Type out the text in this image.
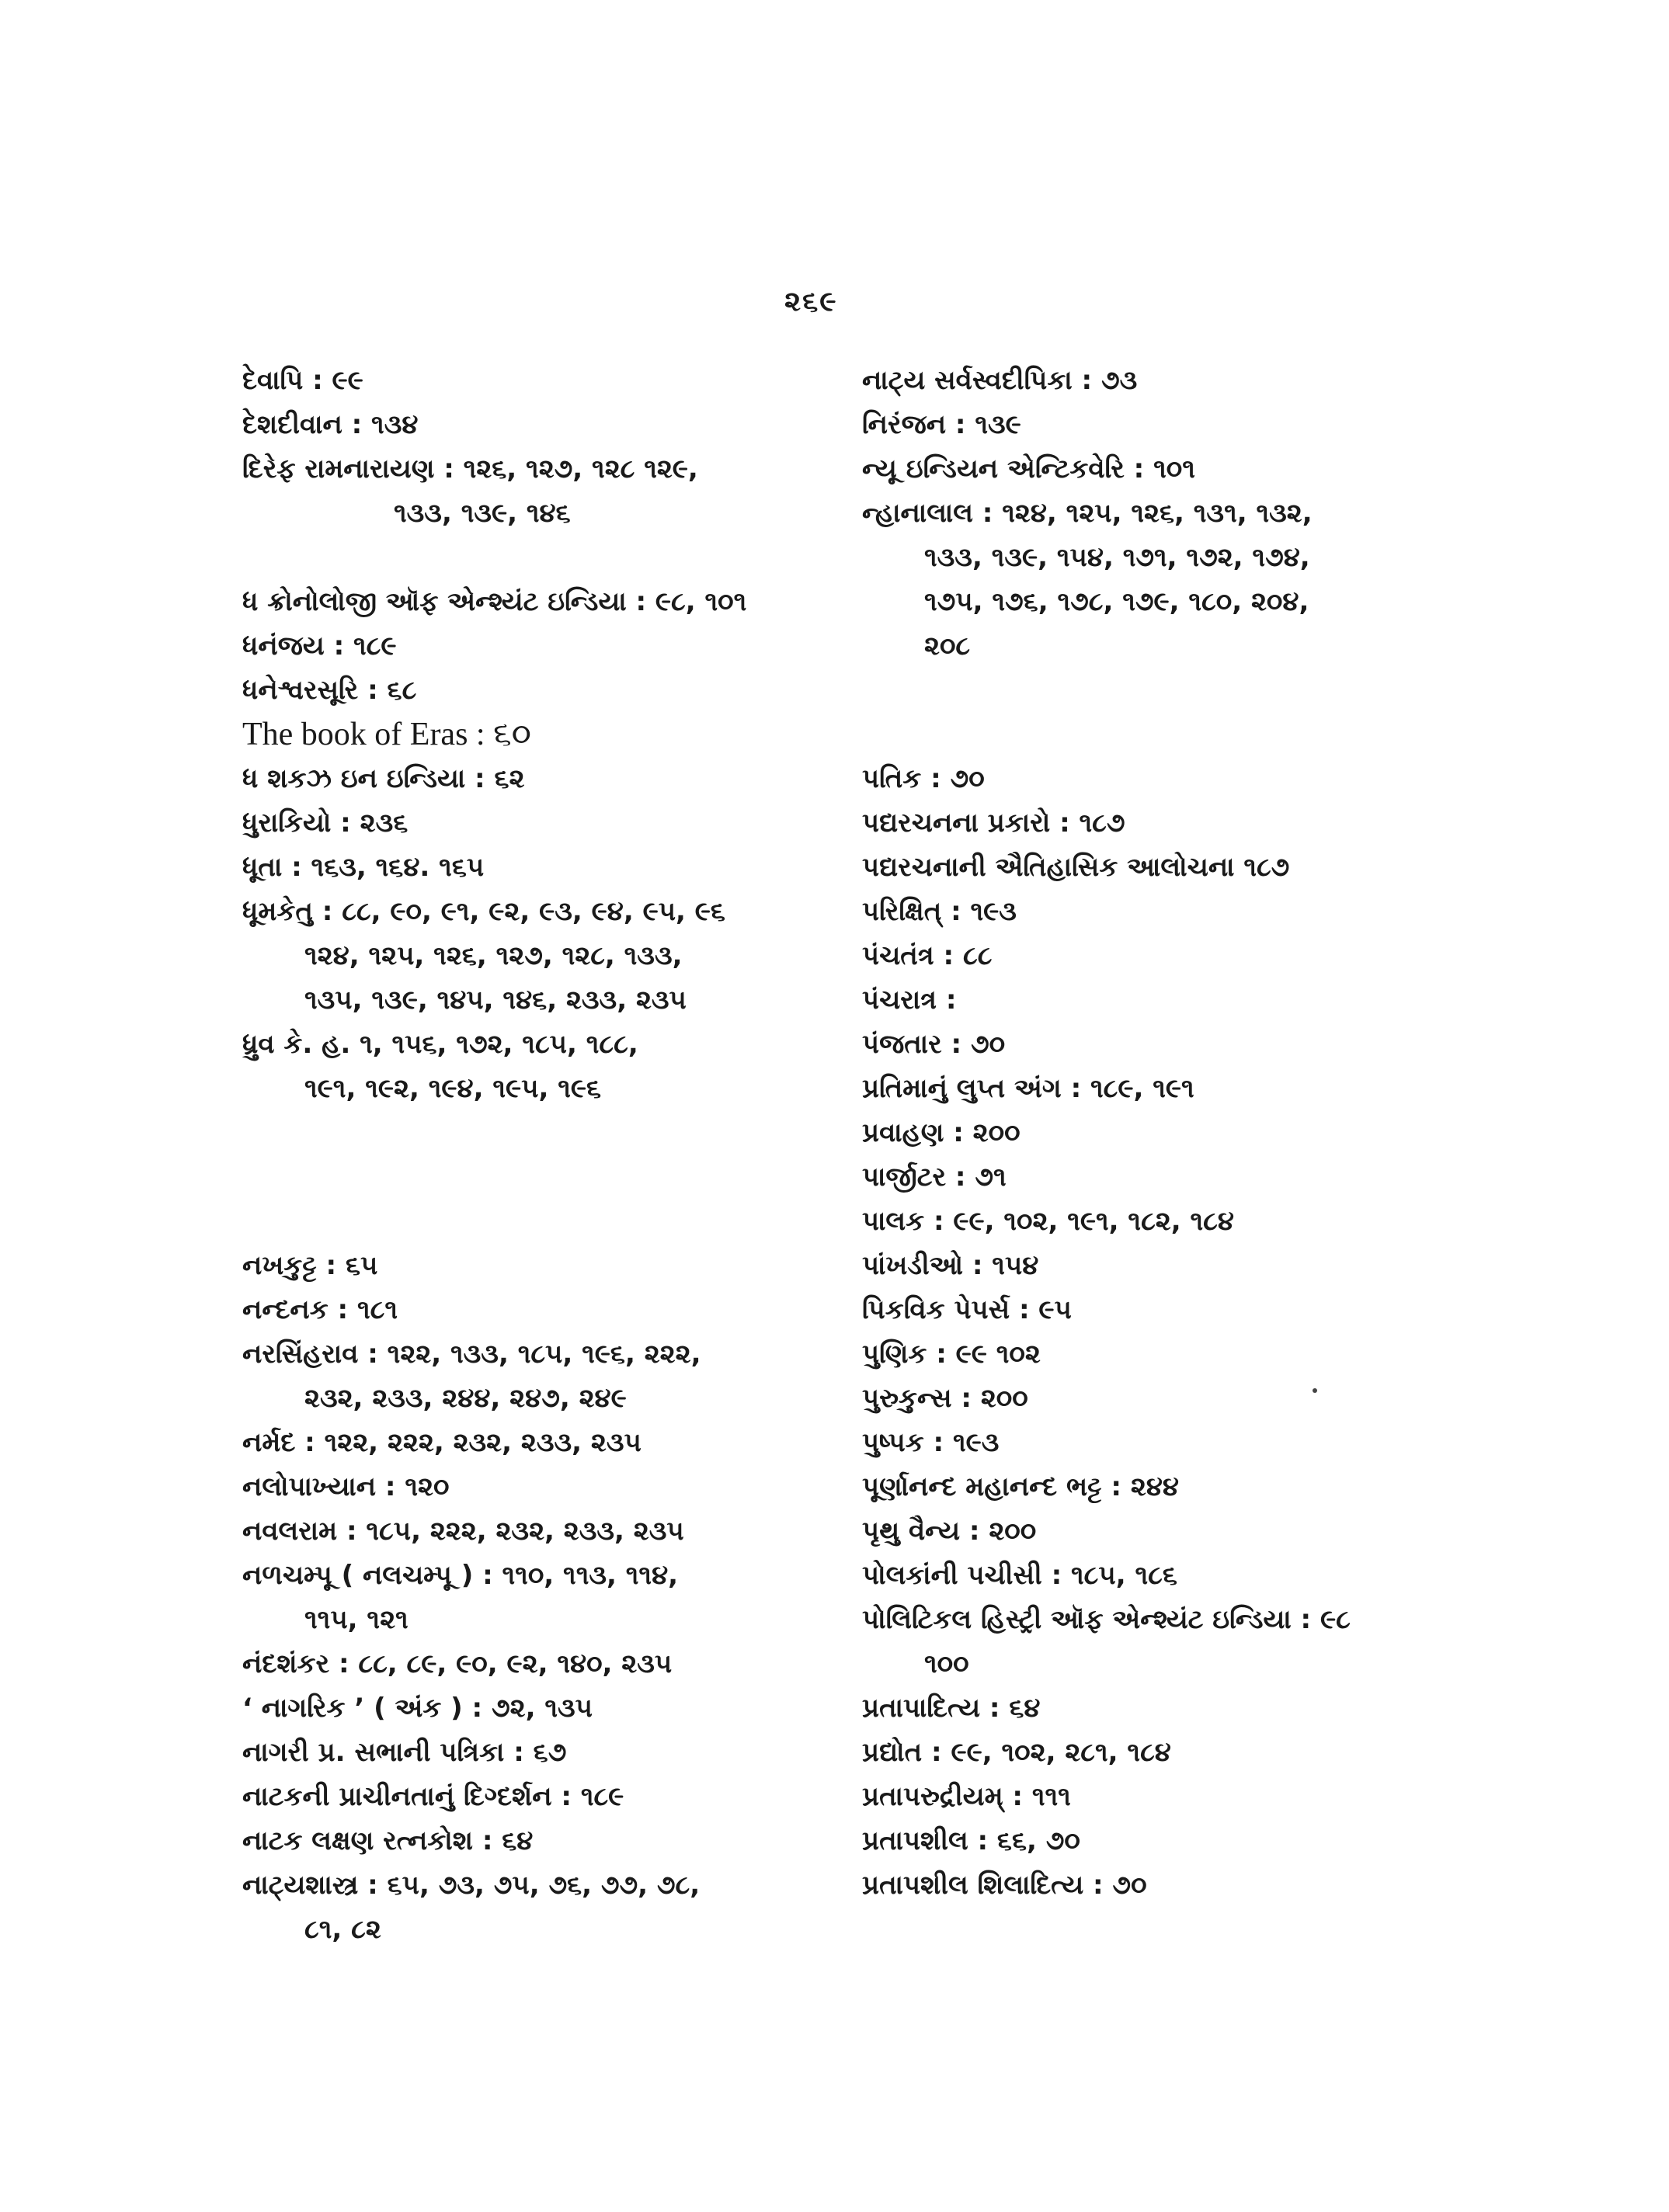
૨૬૯

દેવાપિ : ૯૯

દેશદીવાન : ૧૩૪

દિરેફ રામનારાયણ : ૧૨૬, ૧૨૭, ૧૨૮ ૧૨૯,

૧૩૩, ૧૩૯, ૧૪૬

ધ ક્રોનોલોજી ઑફ એન્શ્યંટ ઇન્ડિયા : ૯૮, ૧૦૧

ધનંજય : ૧૮૯

ધનેશ્વરસૂરિ : ૬૮

The book of Eras : ૬૦

ધ શકઝ ઇન ઇન્ડિયા : ૬૨

ધુરાકિયો : ૨૩૬

ધૂતા : ૧૬૩, ૧૬૪. ૧૬૫

ધૂમકેતુ : ૮૮, ૯૦, ૯૧, ૯૨, ૯૩, ૯૪, ૯૫, ૯૬

૧૨૪, ૧૨૫, ૧૨૬, ૧૨૭, ૧૨૮, ૧૩૩,

૧૩૫, ૧૩૯, ૧૪૫, ૧૪૬, ૨૩૩, ૨૩૫

ધ્રુવ કે. હ. ૧, ૧૫૬, ૧૭૨, ૧૮૫, ૧૮૮,

૧૯૧, ૧૯૨, ૧૯૪, ૧૯૫, ૧૯૬

નખકુટ્ટ : ૬૫

નન્દનક : ૧૮૧

નરસિંહરાવ : ૧૨૨, ૧૩૩, ૧૮૫, ૧૯૬, ૨૨૨,

૨૩૨, ૨૩૩, ૨૪૪, ૨૪૭, ૨૪૯

નર્મદ : ૧૨૨, ૨૨૨, ૨૩૨, ૨૩૩, ૨૩૫

નલોપાખ્યાન : ૧૨૦

નવલરામ : ૧૮૫, ૨૨૨, ૨૩૨, ૨૩૩, ૨૩૫

નળચમ્પૂ ( નલચમ્પૂ ) : ૧૧૦, ૧૧૩, ૧૧૪,

૧૧૫, ૧૨૧

નંદશંકર : ૮૮, ૮૯, ૯૦, ૯૨, ૧૪૦, ૨૩૫

‘ નાગરિક ’ ( અંક ) : ૭૨, ૧૩૫

નાગરી પ્ર. સભાની પત્રિકા : ૬૭

નાટકની પ્રાચીનતાનું દિગ્દર્શન : ૧૮૯

નાટક લક્ષણ રત્નકોશ : ૬૪

નાટ્યશાસ્ત્ર : ૬૫, ૭૩, ૭૫, ૭૬, ૭૭, ૭૮,

૮૧, ૮૨

નાટ્ય સર્વસ્વદીપિકા : ૭૩

નિરંજન : ૧૩૯

ન્યૂ ઇન્ડિયન એન્ટિકવેરિ : ૧૦૧

ન્હાનાલાલ : ૧૨૪, ૧૨૫, ૧૨૬, ૧૩૧, ૧૩૨,

૧૩૩, ૧૩૯, ૧૫૪, ૧૭૧, ૧૭૨, ૧૭૪,

૧૭૫, ૧૭૬, ૧૭૮, ૧૭૯, ૧૮૦, ૨૦૪,

૨૦૮

પતિક : ૭૦

પદ્યરચનના પ્રકારો : ૧૮૭

પદ્યરચનાની ઐતિહાસિક આલોચના ૧૮૭

પરિક્ષિત્ : ૧૯૩

પંચતંત્ર : ૮૮

પંચરાત્ર :

પંજતાર : ૭૦

પ્રતિમાનું લુપ્ત અંગ : ૧૮૯, ૧૯૧

પ્રવાહણ : ૨૦૦

પાર્જીટર : ૭૧

પાલક : ૯૯, ૧૦૨, ૧૯૧, ૧૮૨, ૧૮૪

પાંખડીઓ : ૧૫૪

પિકવિક પેપર્સ : ૯૫

પુણિક : ૯૯ ૧૦૨

પુરુકુન્સ : ૨૦૦

પુષ્પક : ૧૯૩

પૂર્ણાનન્દ મહાનન્દ ભટ્ટ : ૨૪૪

પૃથુ વૈન્ય : ૨૦૦

પોલકાંની પચીસી : ૧૮૫, ૧૮૬

પોલિટિકલ હિસ્ટ્રી ઑફ એન્શ્યંટ ઇન્ડિયા : ૯૮

૧૦૦

પ્રતાપાદિત્ય : ૬૪

પ્રદ્યોત : ૯૯, ૧૦૨, ૨૮૧, ૧૮૪

પ્રતાપરુદ્રીયમ્ : ૧૧૧

પ્રતાપશીલ : ૬૬, ૭૦

પ્રતાપશીલ શિલાદિત્ય : ૭૦
